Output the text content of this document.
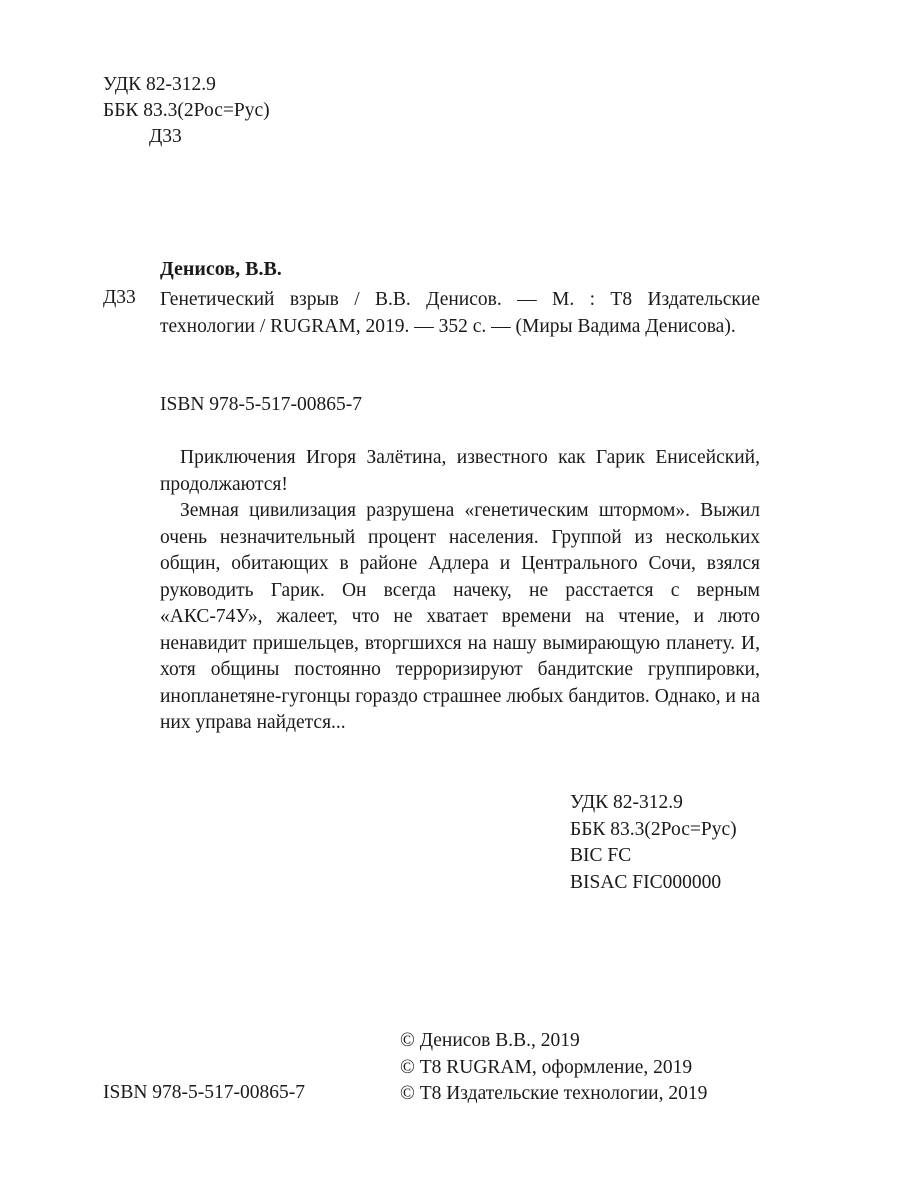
УДК 82-312.9
ББК 83.3(2Рос=Рус)
Д33
Денисов, В.В.
Д33 Генетический взрыв / В.В. Денисов. — М. : Т8 Издательские технологии / RUGRAM, 2019. — 352 с. — (Миры Вадима Денисова).
ISBN 978-5-517-00865-7

Приключения Игоря Залётина, известного как Гарик Енисейский, продолжаются!

Земная цивилизация разрушена «генетическим штормом». Выжил очень незначительный процент населения. Группой из нескольких общин, обитающих в районе Адлера и Центрального Сочи, взялся руководить Гарик. Он всегда начеку, не расстается с верным «АКС-74У», жалеет, что не хватает времени на чтение, и люто ненавидит пришельцев, вторгшихся на нашу вымирающую планету. И, хотя общины постоянно терроризируют бандитские группировки, инопланетяне-гугонцы гораздо страшнее любых бандитов. Однако, и на них управа найдется...

УДК 82-312.9
ББК 83.3(2Рос=Рус)
BIC FC
BISAC FIC000000
© Денисов В.В., 2019
© Т8 RUGRAM, оформление, 2019
© Т8 Издательские технологии, 2019
ISBN 978-5-517-00865-7
